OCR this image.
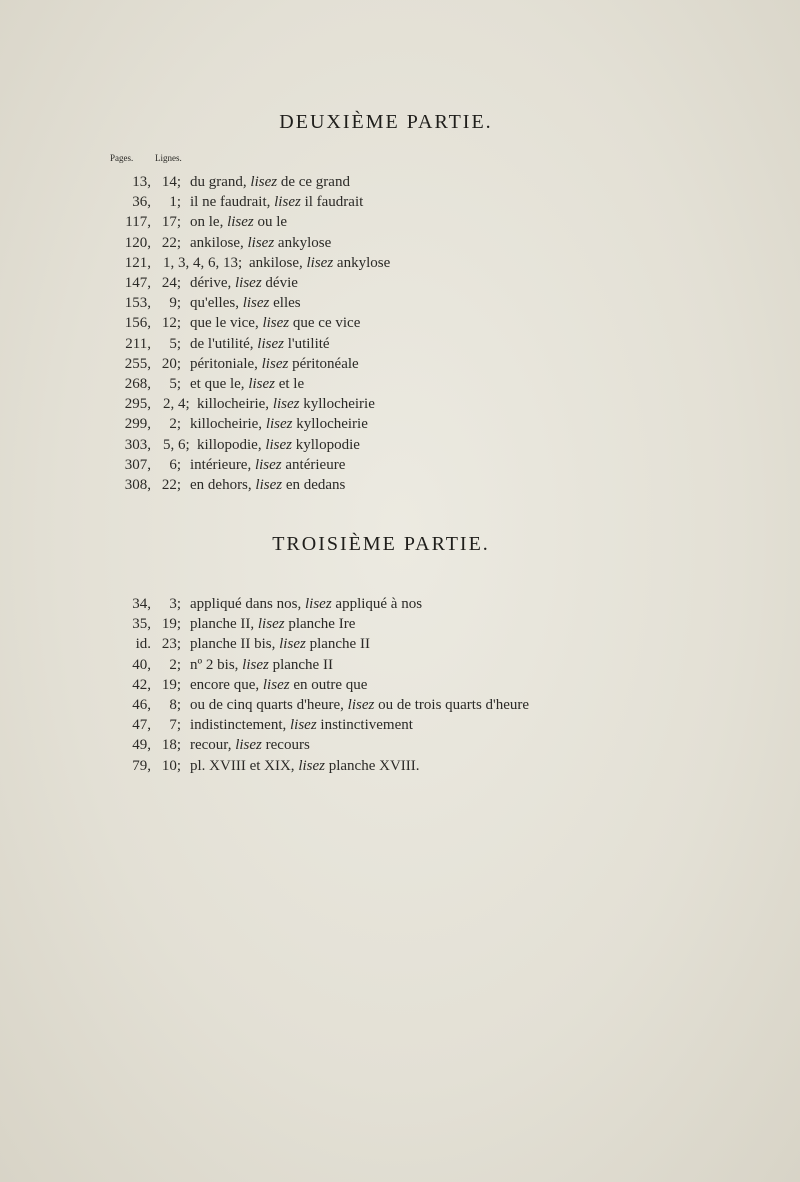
DEUXIÈME PARTIE.
Pages. Lignes.
13, 14; du grand, lisez de ce grand
36,	1; il ne faudrait, lisez il faudrait
117, 17; on le, lisez ou le
120, 22; ankilose, lisez ankylose
121, 1, 3, 4, 6, 13; ankilose, lisez ankylose
147, 24; dérive, lisez dévie
153,	9; qu'elles, lisez elles
156, 12; que le vice, lisez que ce vice
211,	5; de l'utilité, lisez l'utilité
255, 20; péritoniale, lisez péritonéale
268,	5; et que le, lisez et le
295, 2, 4; killocheirie, lisez kyllocheirie
299,	2; killocheirie, lisez kyllocheirie
303, 5, 6; killopodie, lisez kyllopodie
307,	6; intérieure, lisez antérieure
308, 22; en dehors, lisez en dedans
TROISIÈME PARTIE.
34,	3; appliqué dans nos, lisez appliqué à nos
35, 19; planche II, lisez planche Ire
id. 23; planche II bis, lisez planche II
40,	2; nº 2 bis, lisez planche II
42, 19; encore que, lisez en outre que
46,	8; ou de cinq quarts d'heure, lisez ou de trois quarts d'heure
47,	7; indistinctement, lisez instinctivement
49, 18; recour, lisez recours
79, 10; pl. XVIII et XIX, lisez planche XVIII.
